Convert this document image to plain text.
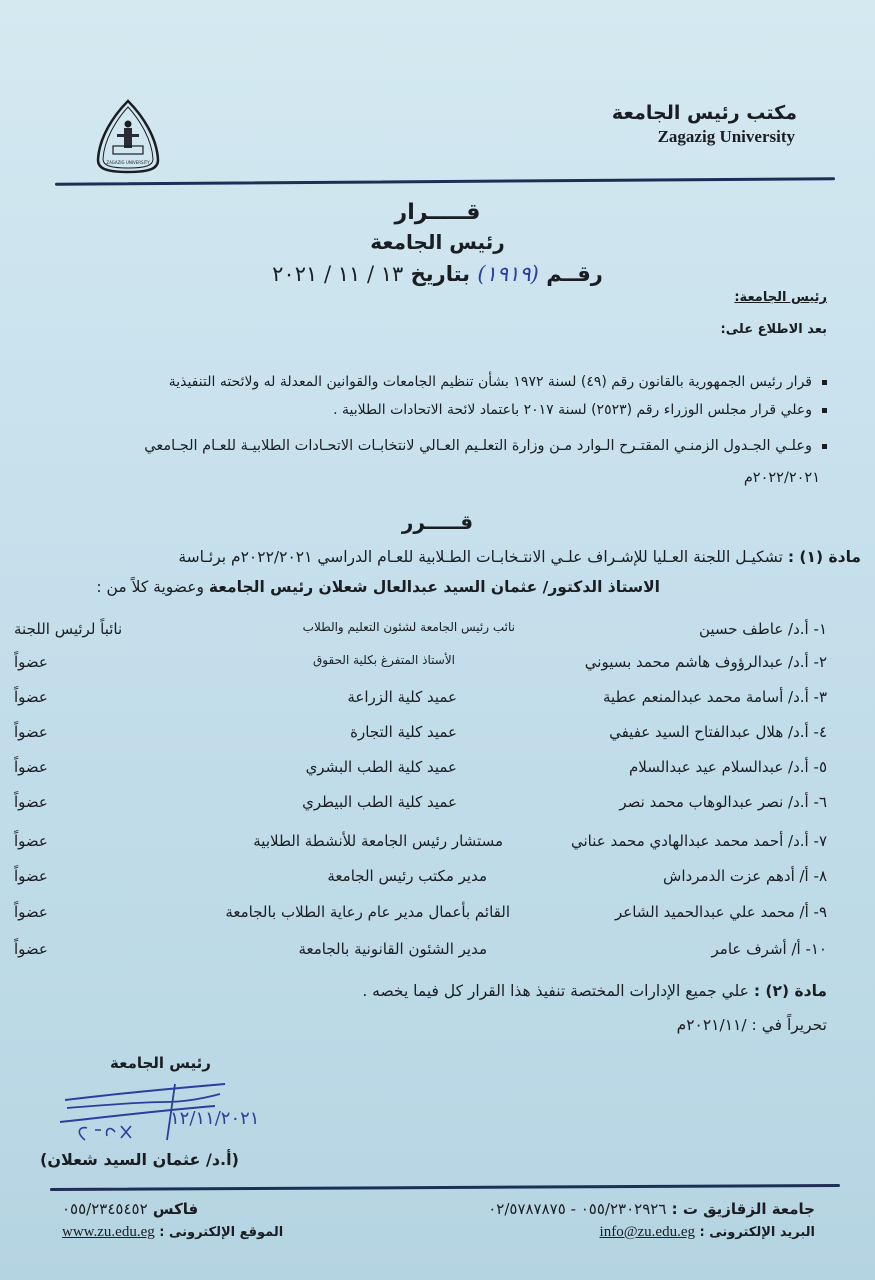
ZAGAZIG UNIVERSITY
مكتب رئيس الجامعة
Zagazig University
قـــــرار
رئيس الجامعة
رقــم (١٩١٩) بتاريخ ١٣ / ١١ / ٢٠٢١
رئيس الجامعة:
بعد الاطلاع على:
قرار رئيس الجمهورية بالقانون رقم (٤٩) لسنة ١٩٧٢ بشأن تنظيم الجامعات والقوانين المعدلة له ولائحته التنفيذية
وعلي قرار مجلس الوزراء رقم (٢٥٢٣) لسنة ٢٠١٧ باعتماد لائحة الاتحادات الطلابية .
وعلـي الجـدول الزمنـي المقتـرح الـوارد مـن وزارة التعلـيم العـالي لانتخابـات الاتحـادات الطلابيـة للعـام الجـامعي
٢٠٢٢/٢٠٢١م
قـــــرر
مادة (١) : تشكيـل اللجنة العـليا للإشـراف علـي الانتـخابـات الطـلابية للعـام الدراسي ٢٠٢٢/٢٠٢١م برئـاسة
الاستاذ الدكتور/ عثمان السيد عبدالعال شعلان رئيس الجامعة وعضوية كلاً من :
١- أ.د/ عاطف حسين
نائب رئيس الجامعة لشئون التعليم والطلاب
نائباً لرئيس اللجنة
٢- أ.د/ عبدالرؤوف هاشم محمد بسيوني
الأستاذ المتفرغ بكلية الحقوق
عضواً
٣- أ.د/ أسامة محمد عبدالمنعم عطية
عميد كلية الزراعة
عضواً
٤- أ.د/ هلال عبدالفتاح السيد عفيفي
عميد كلية التجارة
عضواً
٥- أ.د/ عبدالسلام عيد عبدالسلام
عميد كلية الطب البشري
عضواً
٦- أ.د/ نصر عبدالوهاب محمد نصر
عميد كلية الطب البيطري
عضواً
٧- أ.د/ أحمد محمد عبدالهادي محمد عناني
مستشار رئيس الجامعة للأنشطة الطلابية
عضواً
٨- أ/ أدهم عزت الدمرداش
مدير مكتب رئيس الجامعة
عضواً
٩- أ/ محمد علي عبدالحميد الشاعر
القائم بأعمال مدير عام رعاية الطلاب بالجامعة
عضواً
١٠- أ/ أشرف عامر
مدير الشئون القانونية بالجامعة
عضواً
مادة (٢) : علي جميع الإدارات المختصة تنفيذ هذا القرار كل فيما يخصه .
تحريراً في : /٢٠٢١/١١م
رئيس الجامعة
١٢/١١/٢٠٢١
(أ.د/ عثمان السيد شعلان)
جامعة الزقازيق ت : ٠٥٥/٢٣٠٢٩٢٦ - ٠٢/٥٧٨٧٨٧٥
فاكس ٠٥٥/٢٣٤٥٤٥٢
البريد الإلكترونى : info@zu.edu.eg
الموقع الإلكترونى : www.zu.edu.eg
